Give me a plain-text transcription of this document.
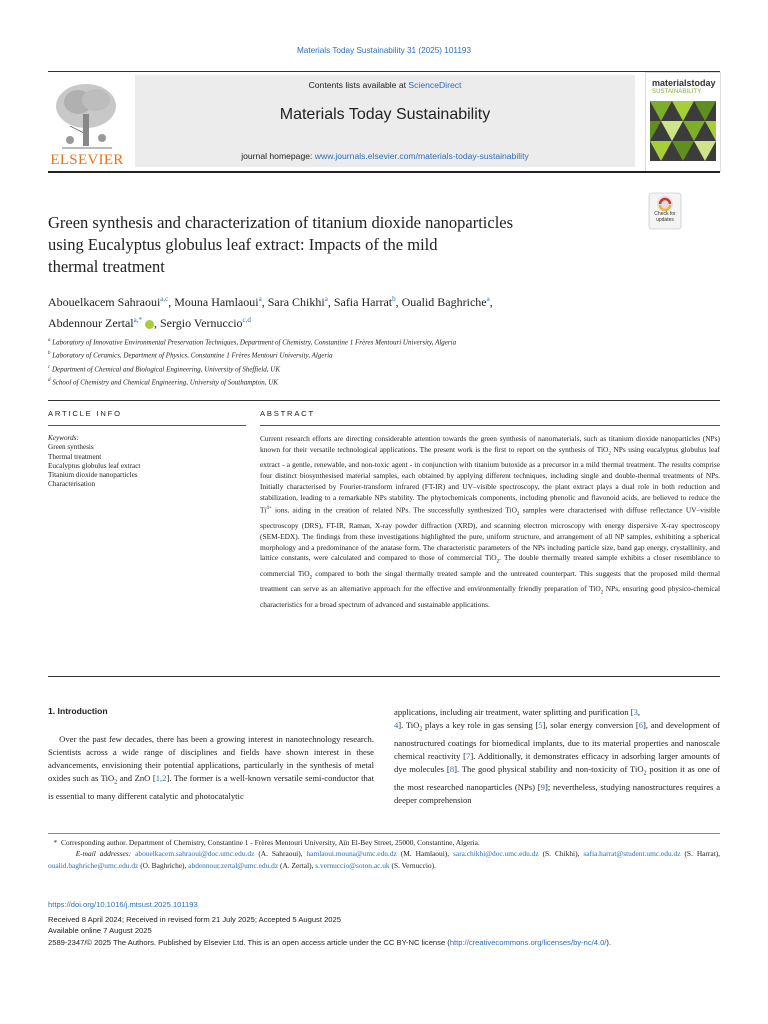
Materials Today Sustainability 31 (2025) 101193
ELSEVIER
Contents lists available at ScienceDirect
Materials Today Sustainability
journal homepage: www.journals.elsevier.com/materials-today-sustainability
materialstoday
SUSTAINABILITY
Check for updates
Green synthesis and characterization of titanium dioxide nanoparticles
using Eucalyptus globulus leaf extract: Impacts of the mild
thermal treatment
Abouelkacem Sahraoui$^{a,c}$, Mouna Hamlaoui$^a$, Sara Chikhi$^a$, Safia Harrat$^b$, Oualid Baghriche$^a$,
Abdennour Zertal$^{a,*}$ , Sergio Vernuccio$^{c,d}$
$^a$ Laboratory of Innovative Environmental Preservation Techniques, Department of Chemistry, Constantine 1 Frères Mentouri University, Algeria
$^b$ Laboratory of Ceramics, Department of Physics, Constantine 1 Frères Mentouri University, Algeria
$^c$ Department of Chemical and Biological Engineering, University of Sheffield, UK
$^d$ School of Chemistry and Chemical Engineering, University of Southampton, UK
ARTICLE INFO
Keywords:
Green synthesis
Thermal treatment
Eucalyptus globulus leaf extract
Titanium dioxide nanoparticles
Characterisation
ABSTRACT
Current research efforts are directing considerable attention towards the green synthesis of nanomaterials, such as titanium dioxide nanoparticles (NPs) known for their versatile technological applications. The present work is the first to report on the synthesis of TiO$_2$ NPs using eucalyptus globulus leaf extract - a gentle, renewable, and non-toxic agent - in conjunction with titanium butoxide as a precursor in a mild thermal treatment. The results comprise four distinct biosynthesised material samples, each obtained by applying different techniques, including single and double-thermal treatments of NPs. Initially characterised by Fourier-transform infrared (FT-IR) and UV–visible spectroscopy, the plant extract plays a dual role in both reduction and stabilization, leading to a remarkable NPs stability. The phytochemicals components, including phenolic and flavonoid acids, are believed to reduce the $Ti^{4+}$ ions, aiding in the creation of related NPs. The successfully synthesized TiO$_2$ samples were characterised with diffuse reflectance UV–visible spectroscopy (DRS), FT-IR, Raman, X-ray powder diffraction (XRD), and scanning electron microscopy with energy dispersive X-ray spectroscopy (SEM-EDX). The findings from these investigations highlighted the pure, uniform structure, and arrangement of all NP samples, exhibiting a spherical morphology and a predominance of the anatase form. The characteristic parameters of the NPs including particle size, band gap energy, crystallinity, and lattice constants, were calculated and compared to those of commercial TiO$_2$. The double thermally treated sample exhibits a closer resemblance to commercial TiO$_2$ compared to both the singal thermally treated sample and the untreated counterpart. This suggests that the proposed mild thermal treatment can serve as an alternative approach for the effective and environmentally friendly preparation of TiO$_2$ NPs, ensuring good physico-chemical characteristics for a broad spectrum of advanced and sustainable applications.
1. Introduction
Over the past few decades, there has been a growing interest in nanotechnology research. Scientists across a wide range of disciplines and fields have shown interest in these advancements, envisioning their potential applications, particularly in the synthesis of metal oxides such as TiO$_2$ and ZnO [1,2]. The former is a well-known versatile semi-conductor that is essential to many different catalytic and photocatalytic
applications, including air treatment, water splitting and purification [3,
4]. TiO$_2$ plays a key role in gas sensing [5], solar energy conversion [6], and development of nanostructured coatings for biomedical implants, due to its material properties and nanoscale chemical reactivity [7]. Additionally, it demonstrates efficacy in adsorbing larger amounts of dye molecules [8]. The good physical stability and non-toxicity of TiO$_2$ position it as one of the most researched nanoparticles (NPs) [9]; nevertheless, studying nanostructures requires a deeper comprehension
*  Corresponding author. Department of Chemistry, Constantine 1 - Frères Mentouri University, Aïn El-Bey Street, 25000, Constantine, Algeria.
E-mail addresses: abouelkacem.sahraoui@doc.umc.edu.dz (A. Sahraoui), hamlaoui.mouna@umc.edu.dz (M. Hamlaoui), sara.chikhi@doc.umc.edu.dz (S. Chikhi), safia.harrat@student.umc.edu.dz (S. Harrat), oualid.baghriche@umc.edu.dz (O. Baghriche), abdennour.zertal@umc.edu.dz (A. Zertal), s.vernuccio@soton.ac.uk (S. Vernuccio).
https://doi.org/10.1016/j.mtsust.2025.101193
Received 8 April 2024; Received in revised form 21 July 2025; Accepted 5 August 2025
Available online 7 August 2025
2589-2347/© 2025 The Authors. Published by Elsevier Ltd. This is an open access article under the CC BY-NC license (http://creativecommons.org/licenses/by-nc/4.0/).
